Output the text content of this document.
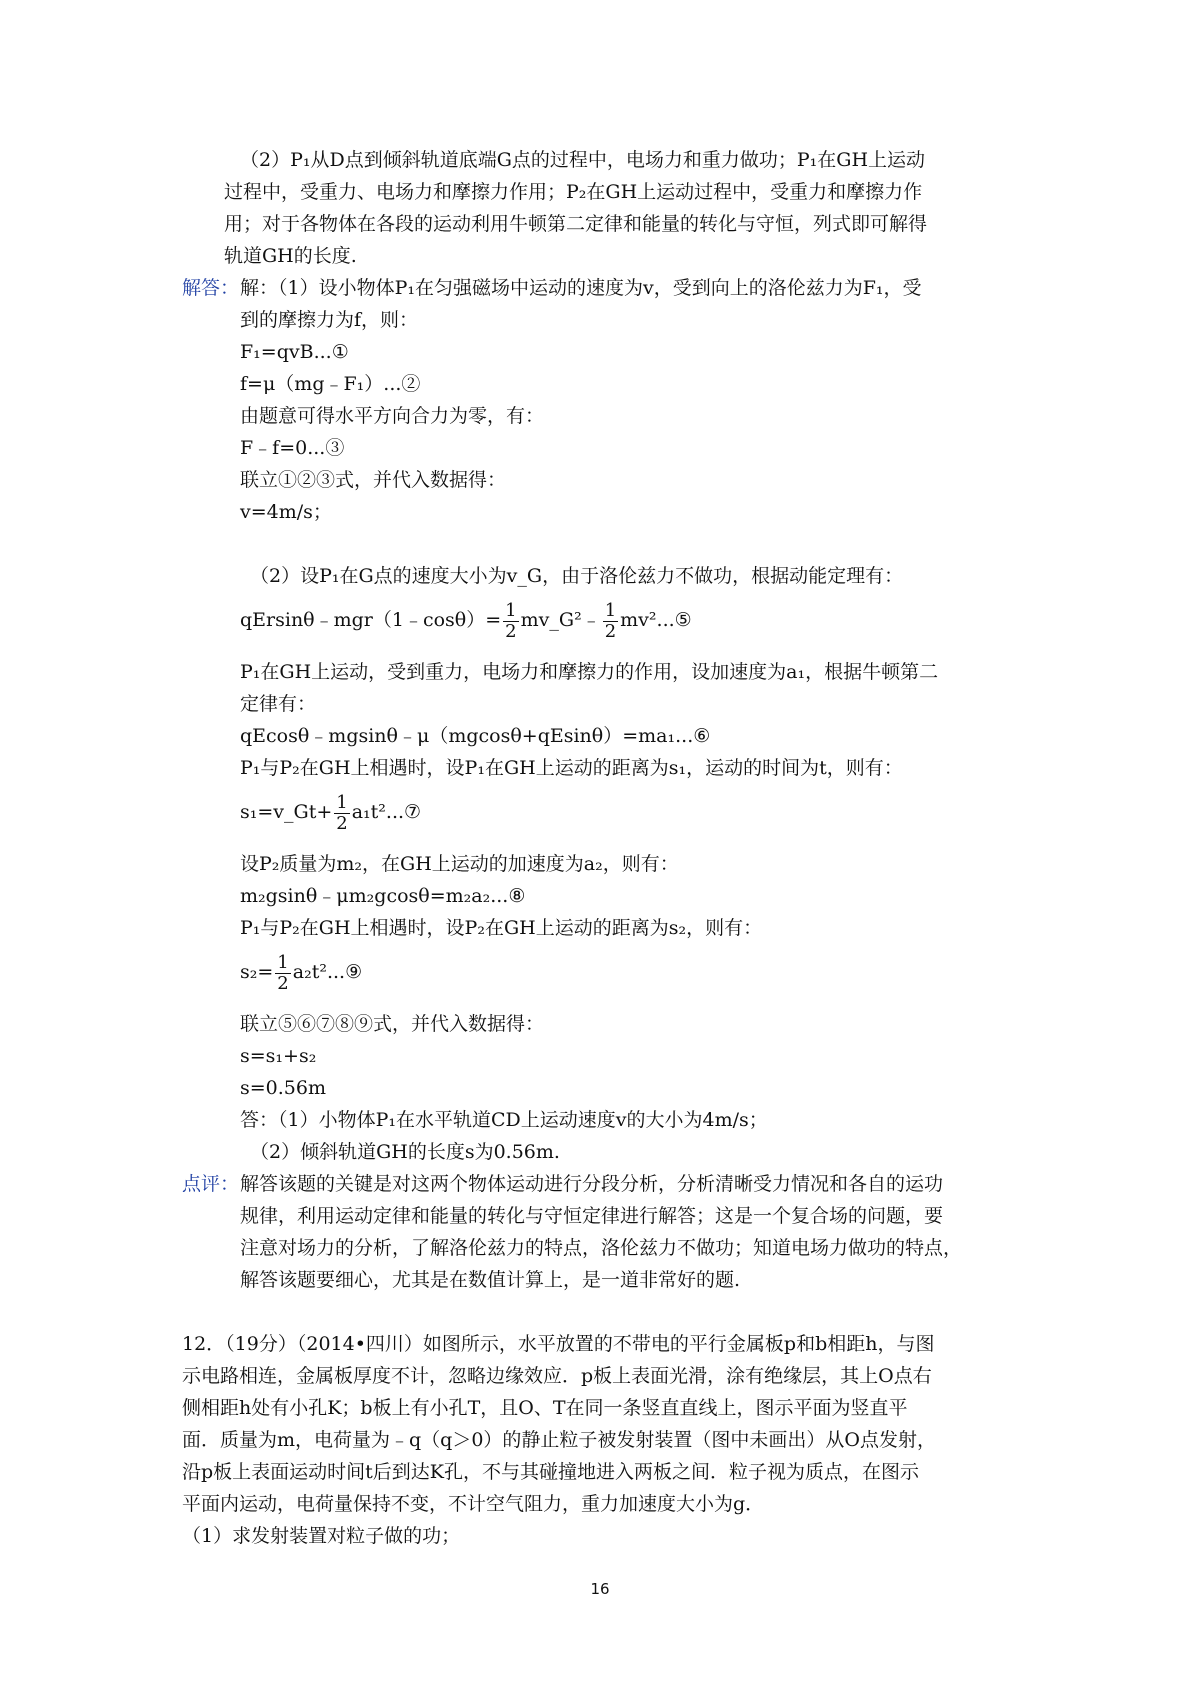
（2）P₁从D点到倾斜轨道底端G点的过程中，电场力和重力做功；P₁在GH上运动
过程中，受重力、电场力和摩擦力作用；P₂在GH上运动过程中，受重力和摩擦力作
用；对于各物体在各段的运动利用牛顿第二定律和能量的转化与守恒，列式即可解得
轨道GH的长度.
解答： 解：（1）设小物体P₁在匀强磁场中运动的速度为v，受到向上的洛伦兹力为F₁，受
到的摩擦力为f，则：
F₁=qvB...①
f=μ（mg﹣F₁）...②
由题意可得水平方向合力为零，有：
F﹣f=0...③
联立①②③式，并代入数据得：
v=4m/s；
（2）设P₁在G点的速度大小为v_G，由于洛伦兹力不做功，根据动能定理有：
qErsinθ﹣mgr（1﹣cosθ）= $\frac{1}{2}$ mv_G²﹣ $\frac{1}{2}$ mv²...⑤
P₁在GH上运动，受到重力，电场力和摩擦力的作用，设加速度为a₁，根据牛顿第二
定律有：
qEcosθ﹣mgsinθ﹣μ（mgcosθ+qEsinθ）=ma₁...⑥
P₁与P₂在GH上相遇时，设P₁在GH上运动的距离为s₁，运动的时间为t，则有：
s₁=v_Gt+ $\frac{1}{2}$ a₁t²...⑦
设P₂质量为m₂，在GH上运动的加速度为a₂，则有：
m₂gsinθ﹣μm₂gcosθ=m₂a₂...⑧
P₁与P₂在GH上相遇时，设P₂在GH上运动的距离为s₂，则有：
$s_2= \frac{1}{2}$ a₂t²...⑨
联立⑤⑥⑦⑧⑨式，并代入数据得：
s=s₁+s₂
s=0.56m
答：（1）小物体P₁在水平轨道CD上运动速度v的大小为4m/s；
（2）倾斜轨道GH的长度s为0.56m.
点评： 解答该题的关键是对这两个物体运动进行分段分析，分析清晰受力情况和各自的运功
规律，利用运动定律和能量的转化与守恒定律进行解答；这是一个复合场的问题，要
注意对场力的分析，了解洛伦兹力的特点，洛伦兹力不做功；知道电场力做功的特点，
解答该题要细心，尤其是在数值计算上，是一道非常好的题.
12．（19分）（2014•四川）如图所示，水平放置的不带电的平行金属板p和b相距h，与图
示电路相连，金属板厚度不计，忽略边缘效应．p板上表面光滑，涂有绝缘层，其上O点右
侧相距h处有小孔K；b板上有小孔T，且O、T在同一条竖直直线上，图示平面为竖直平
面．质量为m，电荷量为﹣q（q＞0）的静止粒子被发射装置（图中未画出）从O点发射，
沿p板上表面运动时间t后到达K孔，不与其碰撞地进入两板之间．粒子视为质点，在图示
平面内运动，电荷量保持不变，不计空气阻力，重力加速度大小为g．
（1）求发射装置对粒子做的功；
16
